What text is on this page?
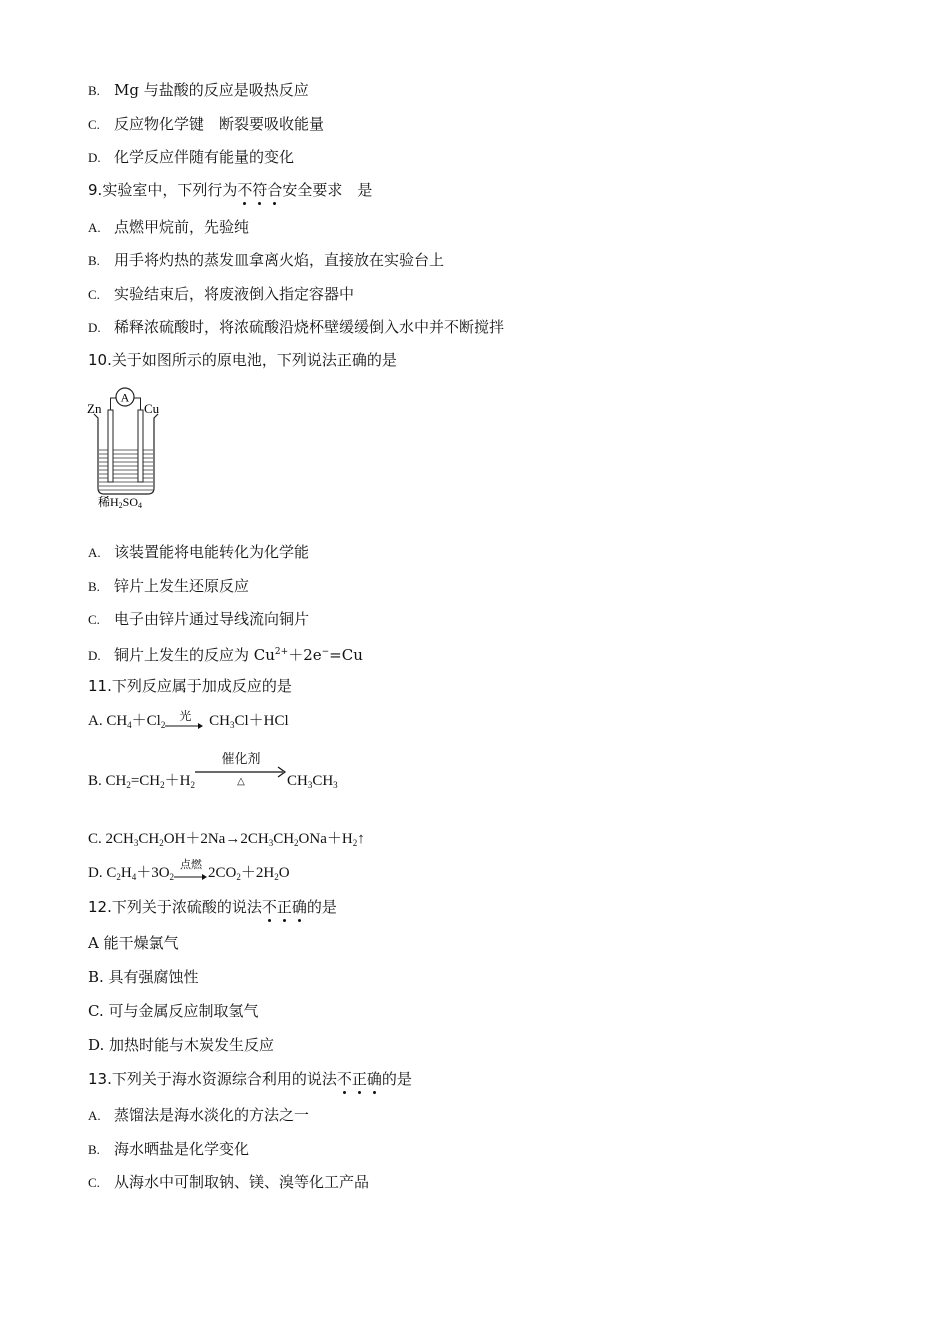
B. Mg 与盐酸的反应是吸热反应
C. 反应物化学键　断裂要吸收能量
D. 化学反应伴随有能量的变化
9.实验室中，下列行为不符合安全要求　是
A. 点燃甲烷前，先验纯
B. 用手将灼热的蒸发皿拿离火焰，直接放在实验台上
C. 实验结束后，将废液倒入指定容器中
D. 稀释浓硫酸时，将浓硫酸沿烧杯壁缓缓倒入水中并不断搅拌
10.关于如图所示的原电池，下列说法正确的是
A
Zn	Cu
稀H2SO4
A. 该装置能将电能转化为化学能
B. 锌片上发生还原反应
C. 电子由锌片通过导线流向铜片
D. 铜片上发生的反应为 $Cu^{2+}+2e^-=Cu$
11.下列反应属于加成反应的是
A. $CH_4+Cl_2$
光	$CH_3Cl+HCl$
B. $CH_2=CH_2+H_2$
催化剂
△	$CH_3CH_3$
C. $2CH_3CH_2OH+2Na\to 2CH_3CH_2ONa+H_2↑$
D. $C_2H_4+3O_2$
点燃
$2CO_2+2H_2O$
12.下列关于浓硫酸的说法不正确的是
A 能干燥氯气
B. 具有强腐蚀性
C. 可与金属反应制取氢气
D. 加热时能与木炭发生反应
13.下列关于海水资源综合利用的说法不正确的是
A. 蒸馏法是海水淡化的方法之一
B. 海水晒盐是化学变化
C. 从海水中可制取钠、镁、溴等化工产品
